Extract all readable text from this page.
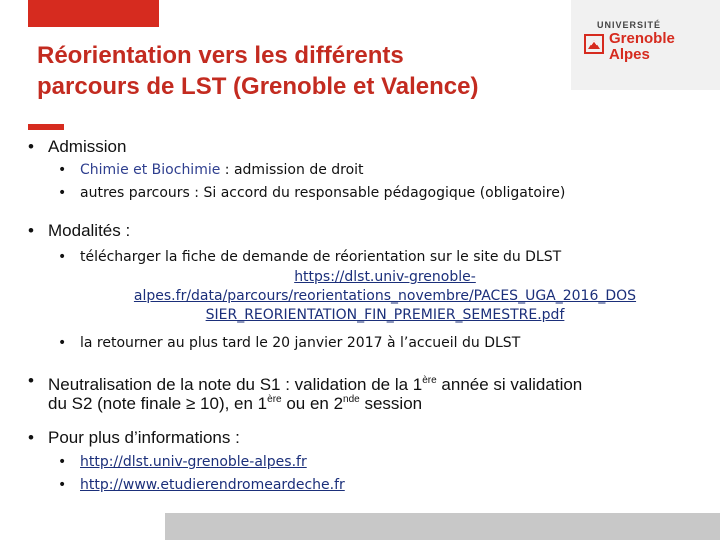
UNIVERSITÉ
Grenoble
Alpes
Réorientation vers les différents
parcours de LST (Grenoble et Valence)
Admission
Chimie et Biochimie : admission de droit
autres parcours : Si accord du responsable pédagogique (obligatoire)
Modalités :
télécharger la fiche de demande de réorientation sur le site du DLST
https://dlst.univ-grenoble-
alpes.fr/data/parcours/reorientations_novembre/PACES_UGA_2016_DOS
SIER_REORIENTATION_FIN_PREMIER_SEMESTRE.pdf
la retourner au plus tard le 20 janvier 2017 à l’accueil du DLST
Neutralisation de la note du S1 : validation de la 1ère année si validation
du S2 (note finale ≥ 10), en 1ère ou en 2nde session
Pour plus d’informations :
http://dlst.univ-grenoble-alpes.fr
http://www.etudierendromeardeche.fr
